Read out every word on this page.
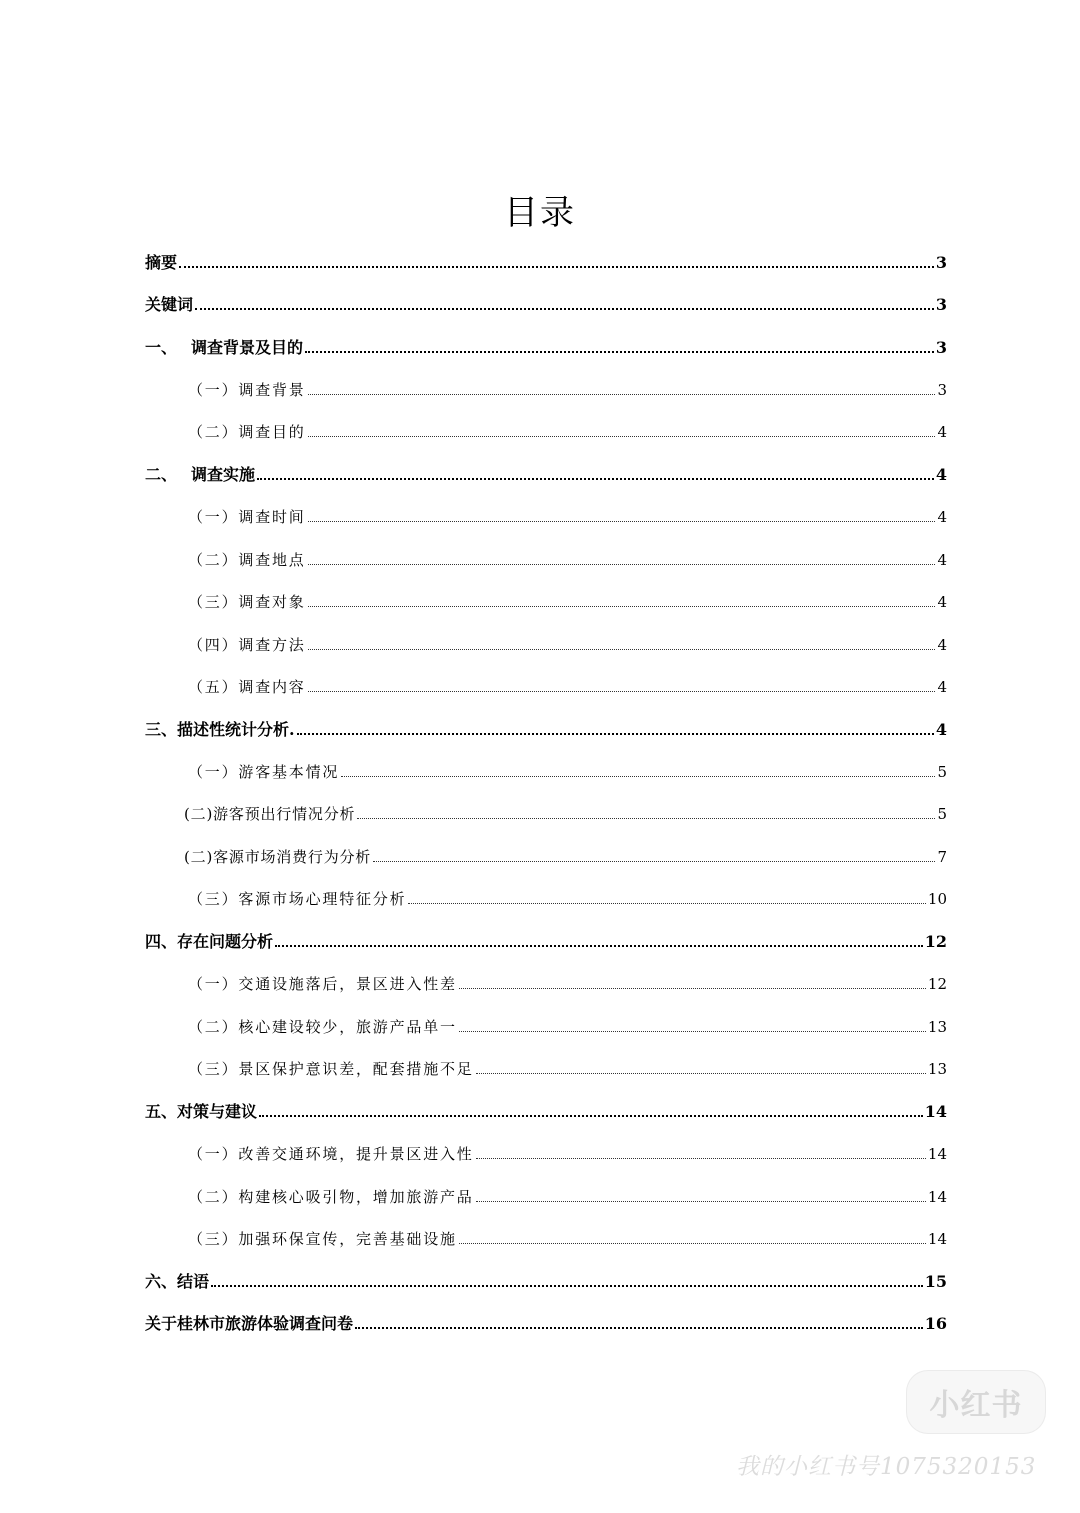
目录
摘要	3
关键词	3
一、 调查背景及目的	3
（一）调查背景	3
（二）调查目的	4
二、 调查实施	4
（一）调查时间	4
（二）调查地点	4
（三）调查对象	4
（四）调查方法	4
（五）调查内容	4
三、描述性统计分析.	4
（一）游客基本情况	5
(二)游客预出行情况分析	5
(二)客源市场消费行为分析	7
（三）客源市场心理特征分析	10
四、存在问题分析	12
（一）交通设施落后，景区进入性差	12
（二）核心建设较少，旅游产品单一	13
（三）景区保护意识差，配套措施不足	13
五、对策与建议	14
（一）改善交通环境，提升景区进入性	14
（二）构建核心吸引物，增加旅游产品	14
（三）加强环保宣传，完善基础设施	14
六、结语	15
关于桂林市旅游体验调查问卷	16
小红书
我的小红书号1075320153
